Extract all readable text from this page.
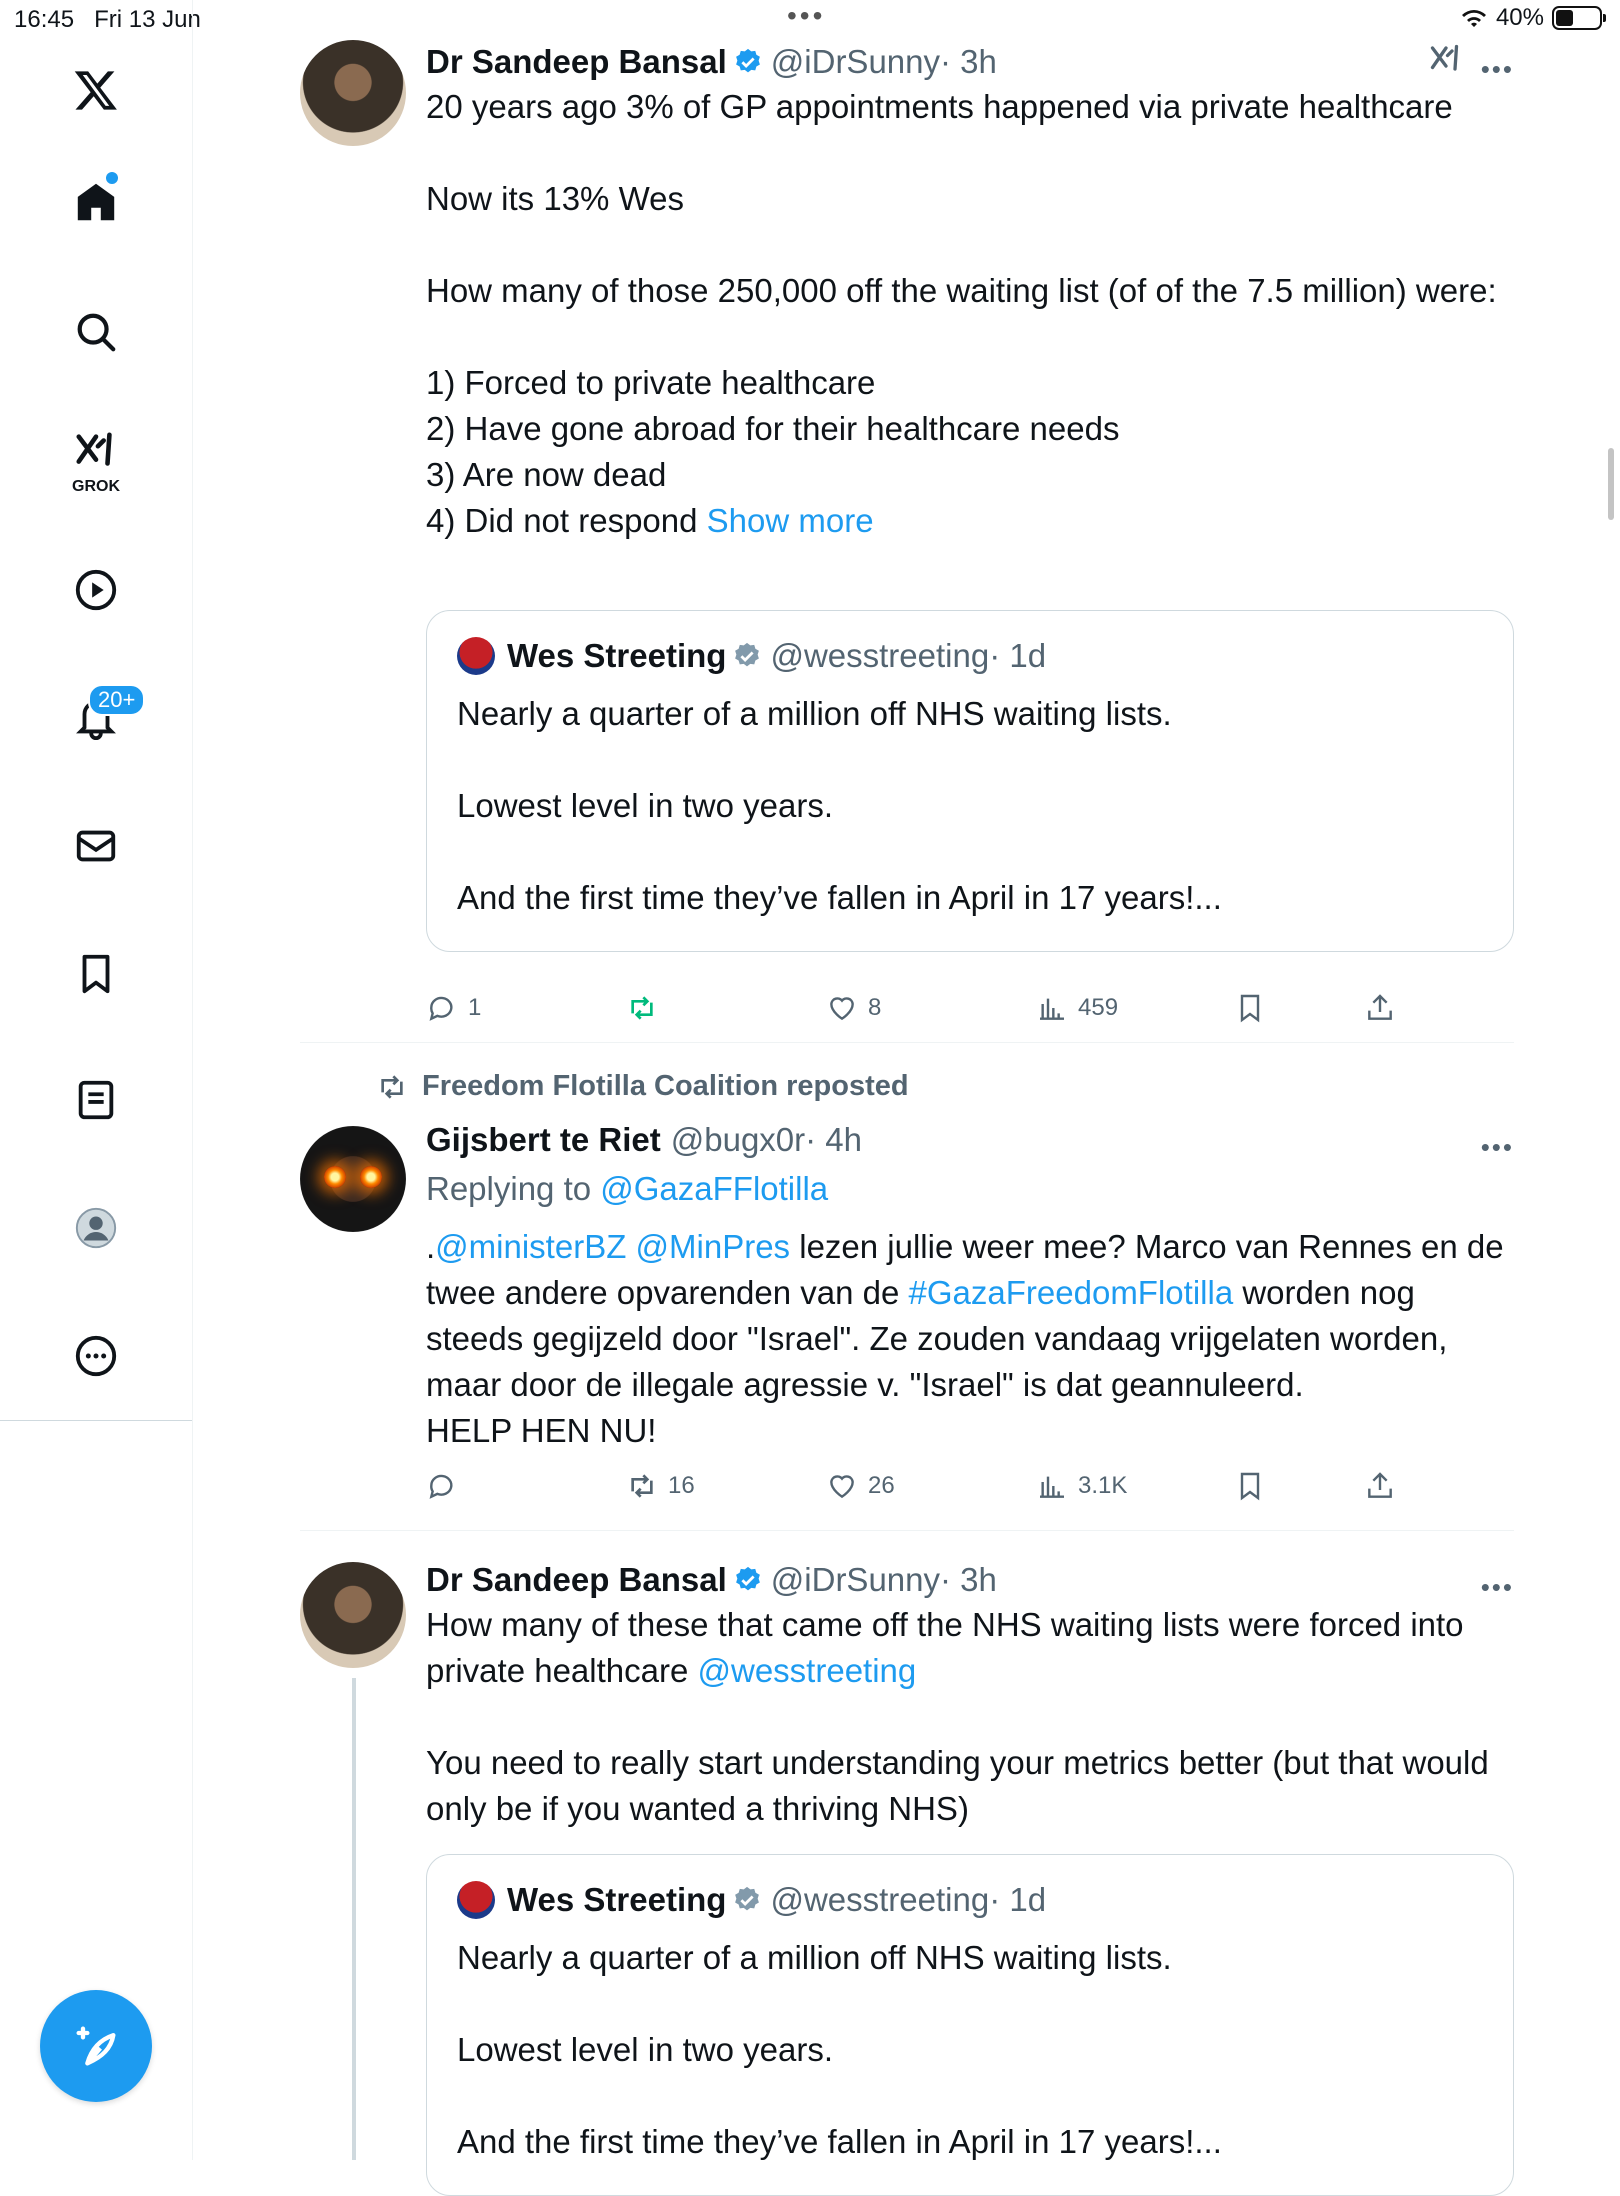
16:45 Fri 13 Jun	•••	40%
GROK
20+
Dr Sandeep Bansal @iDrSunny · 3h	•••
20 years ago 3% of GP appointments happened via private healthcare

Now its 13% Wes

How many of those 250,000 off the waiting list (of of the 7.5 million) were:

1) Forced to private healthcare
2) Have gone abroad for their healthcare needs
3) Are now dead
4) Did not respond Show more
Wes Streeting @wesstreeting · 1d
Nearly a quarter of a million off NHS waiting lists.

Lowest level in two years.

And the first time they’ve fallen in April in 17 years!...
1	8	459
Freedom Flotilla Coalition reposted
Gijsbert te Riet @bugx0r · 4h	•••
Replying to @GazaFFlotilla
.@ministerBZ @MinPres lezen jullie weer mee? Marco van Rennes en de twee andere opvarenden van de #GazaFreedomFlotilla worden nog steeds gegijzeld door "Israel". Ze zouden vandaag vrijgelaten worden, maar door de illegale agressie v. "Israel" is dat geannuleerd.
HELP HEN NU!
16	26	3.1K
Dr Sandeep Bansal @iDrSunny · 3h	•••
How many of these that came off the NHS waiting lists were forced into private healthcare @wesstreeting

You need to really start understanding your metrics better (but that would only be if you wanted a thriving NHS)
Wes Streeting @wesstreeting · 1d
Nearly a quarter of a million off NHS waiting lists.

Lowest level in two years.

And the first time they’ve fallen in April in 17 years!...
